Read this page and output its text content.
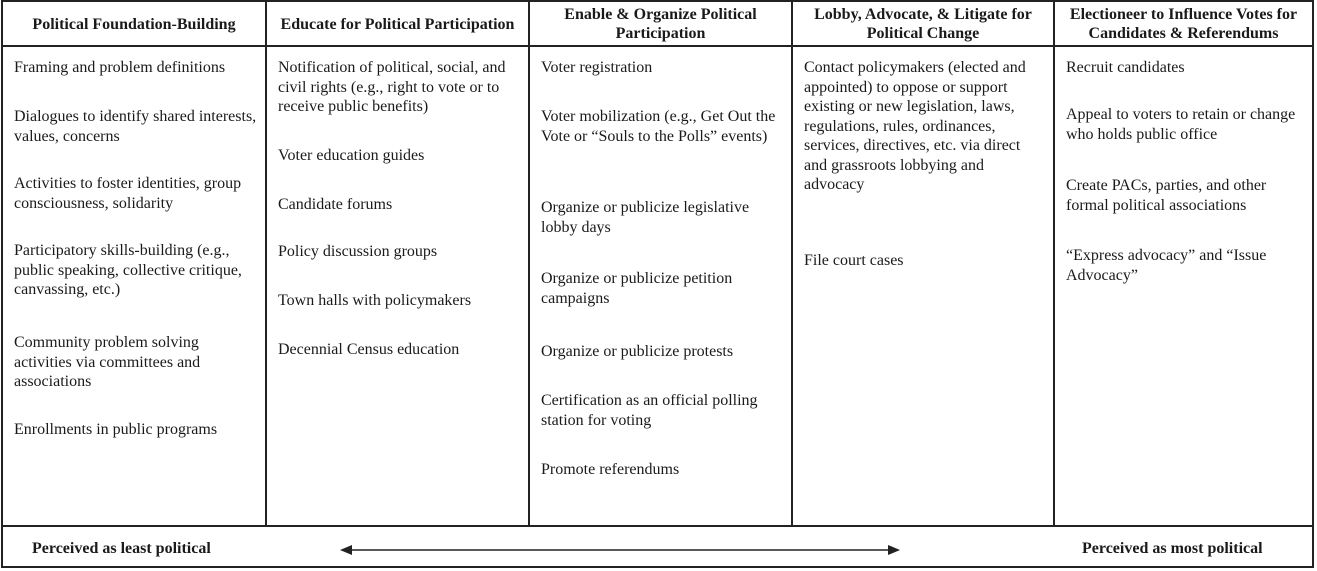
Political Foundation-Building
Framing and problem definitions
Dialogues to identify shared interests, values, concerns
Activities to foster identities, group consciousness, solidarity
Participatory skills-building (e.g., public speaking, collective critique, canvassing, etc.)
Community problem solving activities via committees and associations
Enrollments in public programs
Educate for Political Participation
Notification of political, social, and civil rights (e.g., right to vote or to receive public benefits)
Voter education guides
Candidate forums
Policy discussion groups
Town halls with policymakers
Decennial Census education
Enable & Organize Political Participation
Voter registration
Voter mobilization (e.g., Get Out the Vote or “Souls to the Polls” events)
Organize or publicize legislative lobby days
Organize or publicize petition campaigns
Organize or publicize protests
Certification as an official polling station for voting
Promote referendums
Lobby, Advocate, & Litigate for Political Change
Contact policymakers (elected and appointed) to oppose or support existing or new legislation, laws, regulations, rules, ordinances, services, directives, etc. via direct and grassroots lobbying and advocacy
File court cases
Electioneer to Influence Votes for Candidates & Referendums
Recruit candidates
Appeal to voters to retain or change who holds public office
Create PACs, parties, and other formal political associations
“Express advocacy” and “Issue Advocacy”
Perceived as least political	Perceived as most political
